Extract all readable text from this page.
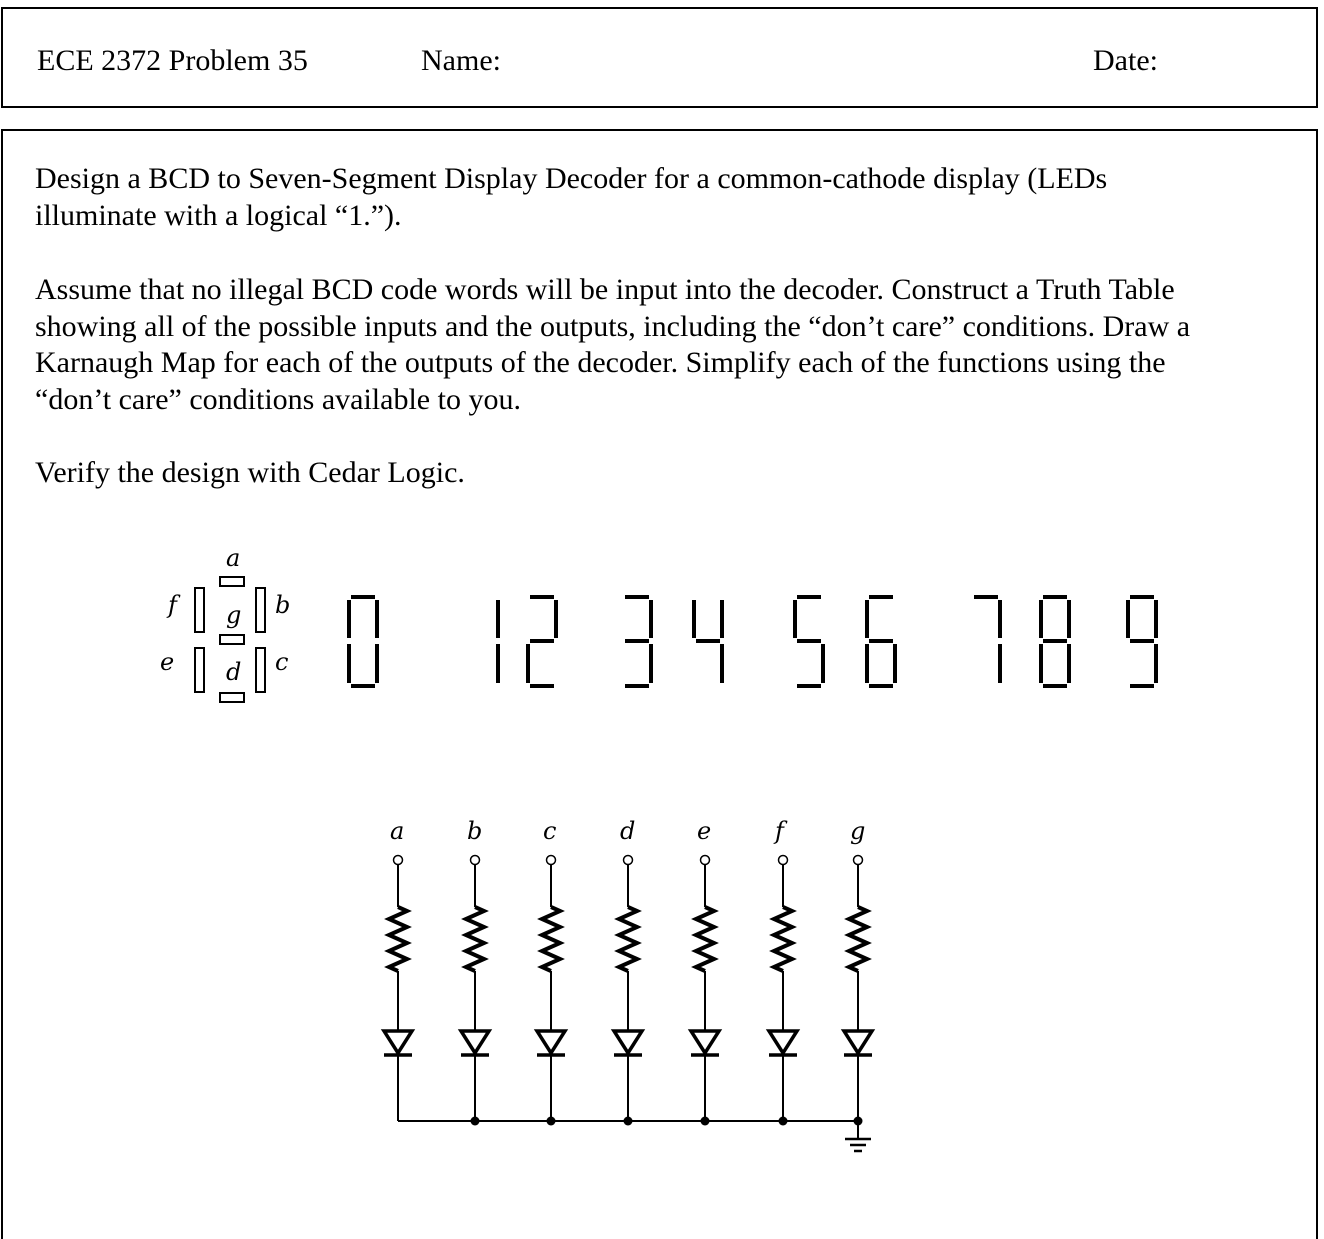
ECE 2372 Problem 35	Name:	Date:

Design a BCD to Seven-Segment Display Decoder for a common-cathode display (LEDs
illuminate with a logical “1.”).

Assume that no illegal BCD code words will be input into the decoder. Construct a Truth Table
showing all of the possible inputs and the outputs, including the “don’t care” conditions. Draw a
Karnaugh Map for each of the outputs of the decoder. Simplify each of the functions using the
“don’t care” conditions available to you.

Verify the design with Cedar Logic.

a
b
c
d
e
f g
a	b	c	d	e	f	g
